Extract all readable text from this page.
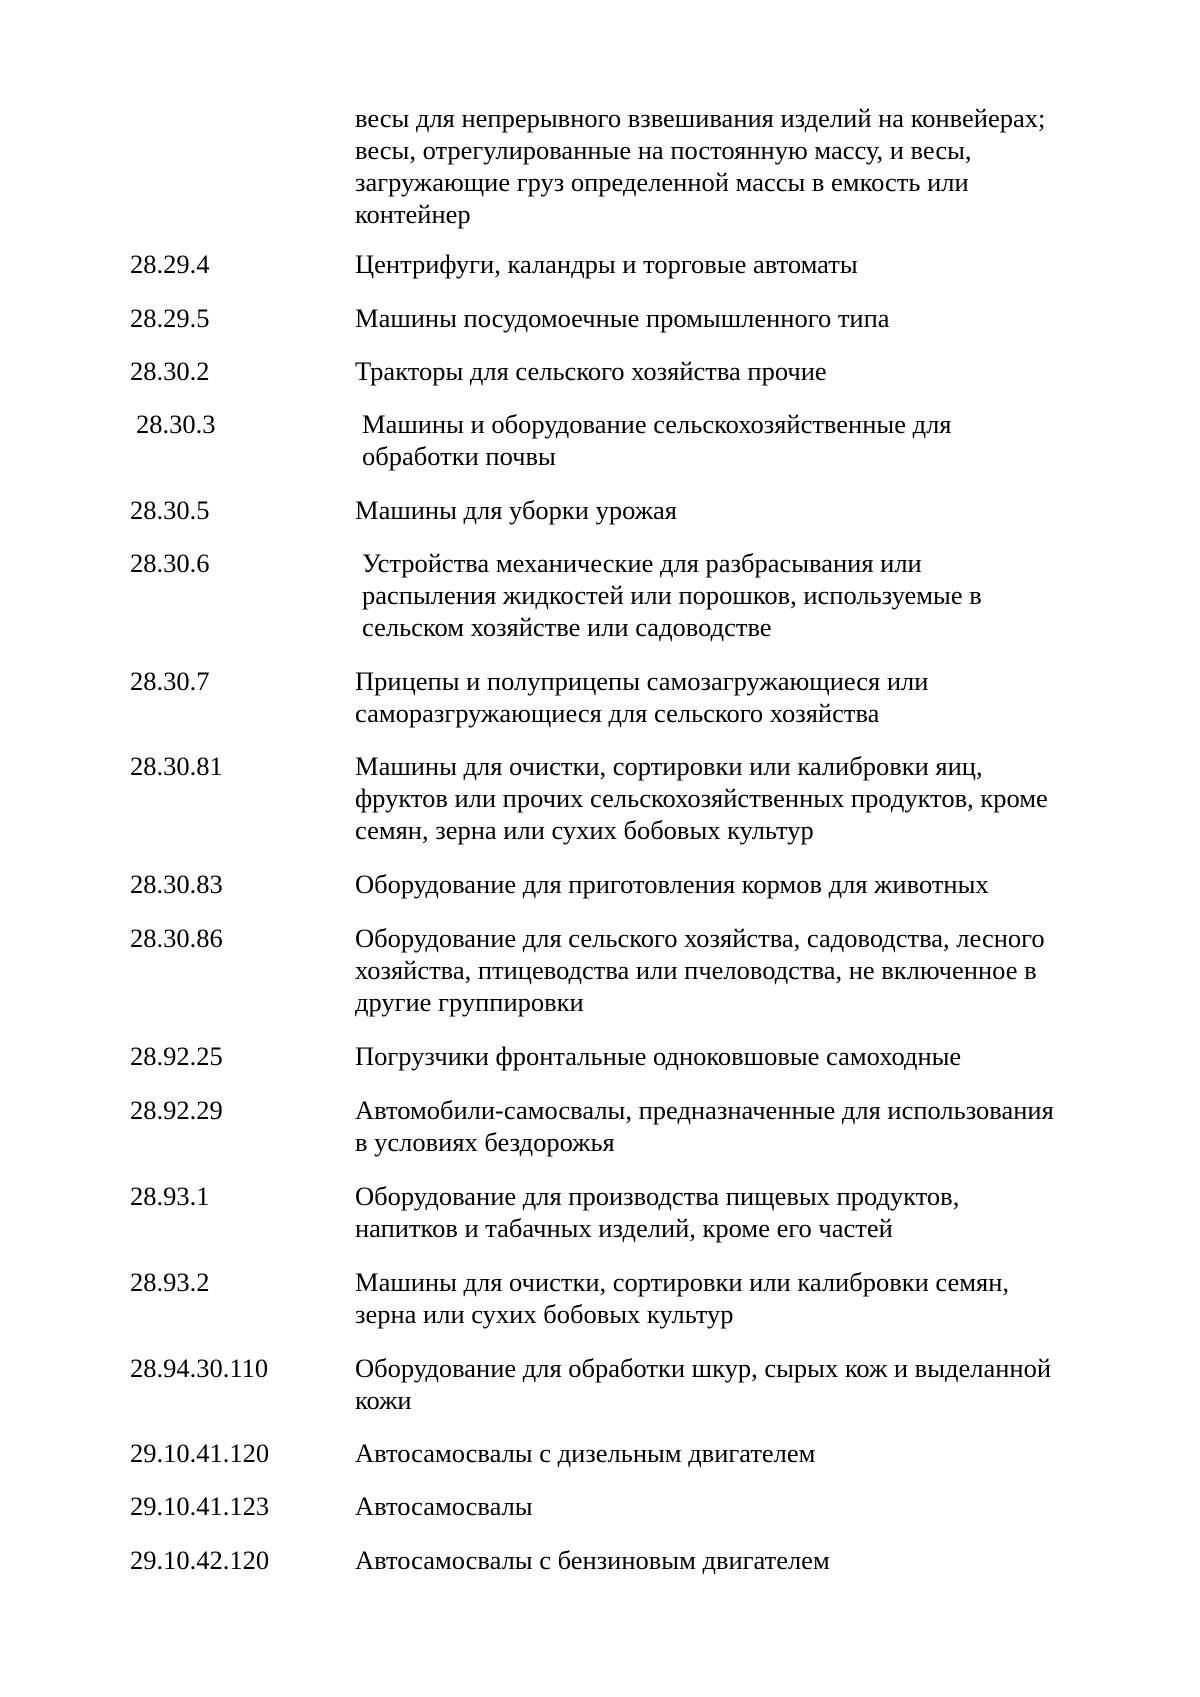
весы для непрерывного взвешивания изделий на конвейерах;
весы, отрегулированные на постоянную массу, и весы,
загружающие груз определенной массы в емкость или
контейнер
28.29.4	Центрифуги, каландры и торговые автоматы
28.29.5	Машины посудомоечные промышленного типа
28.30.2	Тракторы для сельского хозяйства прочие
28.30.3	Машины и оборудование сельскохозяйственные для
обработки почвы
28.30.5	Машины для уборки урожая
28.30.6	Устройства механические для разбрасывания или
распыления жидкостей или порошков, используемые в
сельском хозяйстве или садоводстве
28.30.7	Прицепы и полуприцепы самозагружающиеся или
саморазгружающиеся для сельского хозяйства
28.30.81	Машины для очистки, сортировки или калибровки яиц,
фруктов или прочих сельскохозяйственных продуктов, кроме
семян, зерна или сухих бобовых культур
28.30.83	Оборудование для приготовления кормов для животных
28.30.86	Оборудование для сельского хозяйства, садоводства, лесного
хозяйства, птицеводства или пчеловодства, не включенное в
другие группировки
28.92.25	Погрузчики фронтальные одноковшовые самоходные
28.92.29	Автомобили-самосвалы, предназначенные для использования
в условиях бездорожья
28.93.1	Оборудование для производства пищевых продуктов,
напитков и табачных изделий, кроме его частей
28.93.2	Машины для очистки, сортировки или калибровки семян,
зерна или сухих бобовых культур
28.94.30.110	Оборудование для обработки шкур, сырых кож и выделанной
кожи
29.10.41.120	Автосамосвалы с дизельным двигателем
29.10.41.123	Автосамосвалы
29.10.42.120	Автосамосвалы с бензиновым двигателем
